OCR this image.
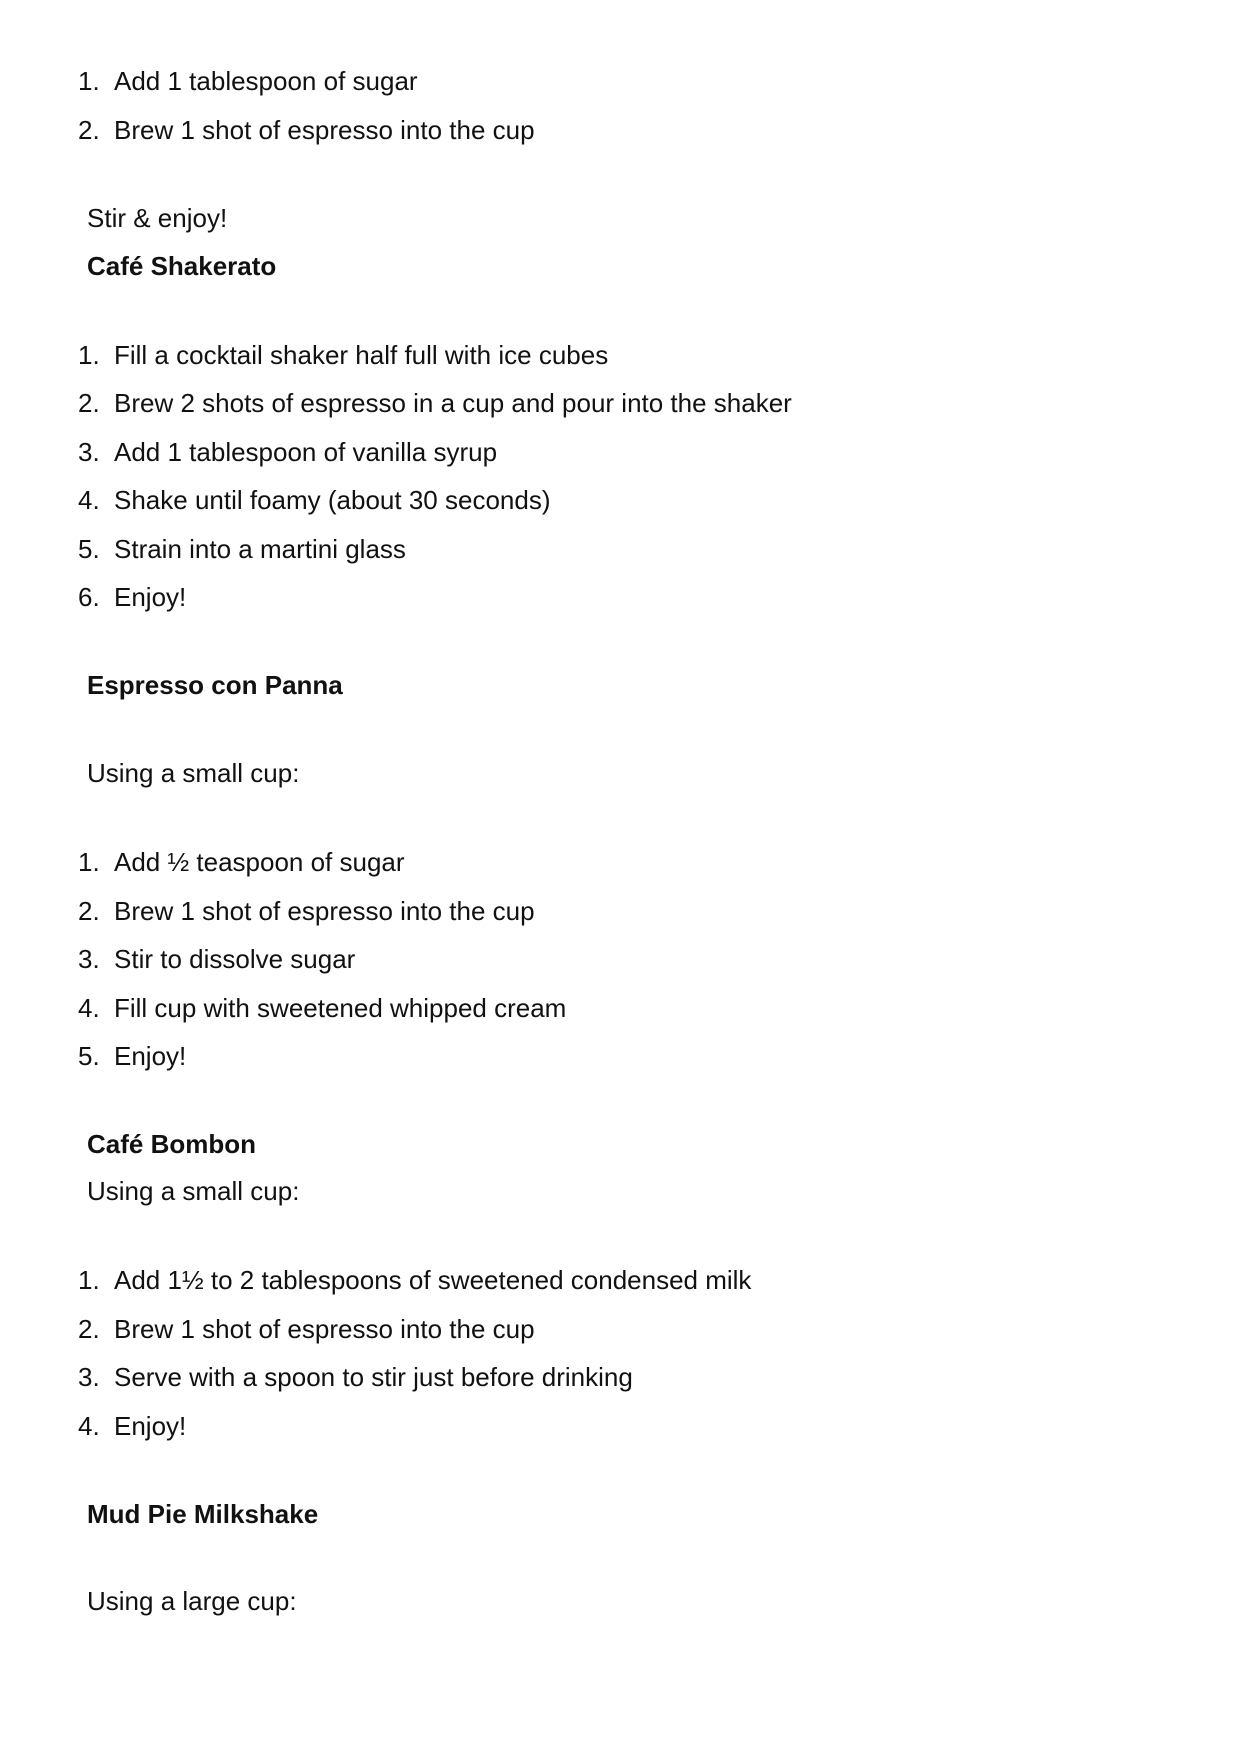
1. Add 1 tablespoon of sugar
2. Brew 1 shot of espresso into the cup
Stir & enjoy!
Café Shakerato
1. Fill a cocktail shaker half full with ice cubes
2. Brew 2 shots of espresso in a cup and pour into the shaker
3. Add 1 tablespoon of vanilla syrup
4. Shake until foamy (about 30 seconds)
5. Strain into a martini glass
6. Enjoy!
Espresso con Panna
Using a small cup:
1. Add ½ teaspoon of sugar
2. Brew 1 shot of espresso into the cup
3. Stir to dissolve sugar
4. Fill cup with sweetened whipped cream
5. Enjoy!
Café Bombon
Using a small cup:
1. Add 1½ to 2 tablespoons of sweetened condensed milk
2. Brew 1 shot of espresso into the cup
3. Serve with a spoon to stir just before drinking
4. Enjoy!
Mud Pie Milkshake
Using a large cup:
